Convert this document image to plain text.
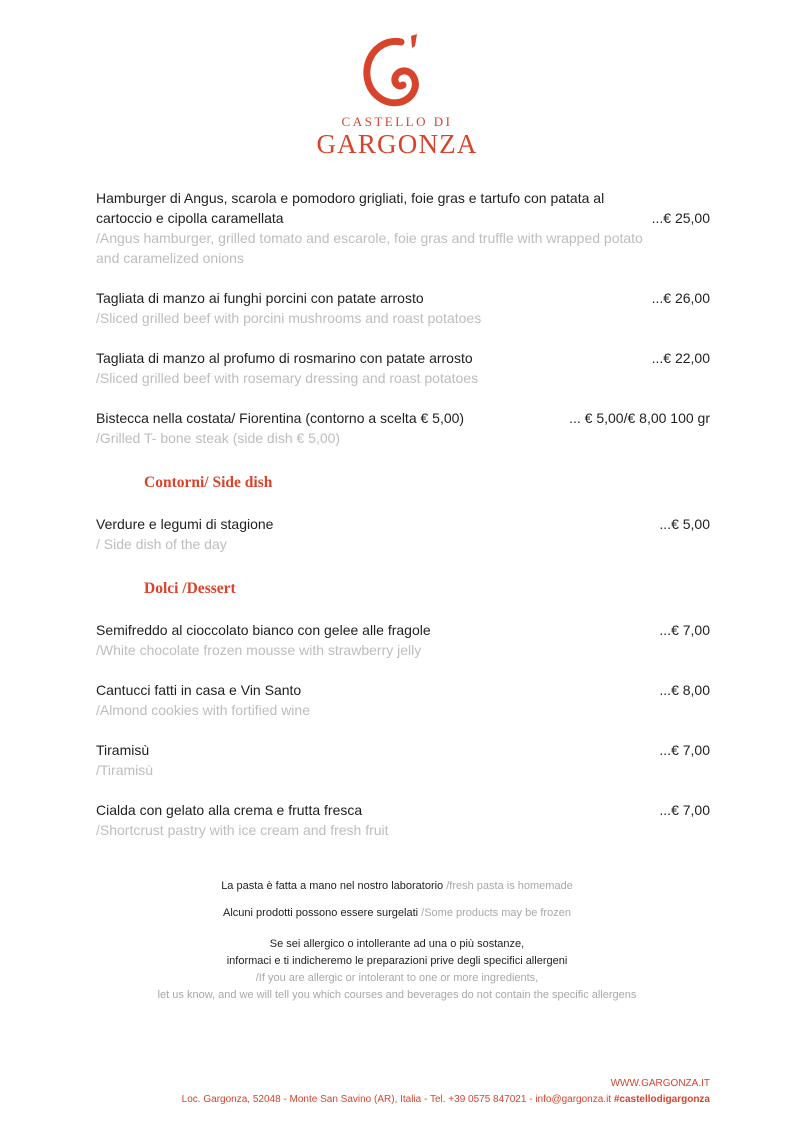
CASTELLO DI
GARGONZA
Hamburger di Angus, scarola e pomodoro grigliati, foie gras e tartufo con patata al
cartoccio e cipolla caramellata	...€ 25,00
/Angus hamburger, grilled tomato and escarole, foie gras and truffle with wrapped potato
and caramelized onions
Tagliata di manzo ai funghi porcini con patate arrosto	...€ 26,00
/Sliced grilled beef with porcini mushrooms and roast potatoes
Tagliata di manzo al profumo di rosmarino con patate arrosto	...€ 22,00
/Sliced grilled beef with rosemary dressing and roast potatoes
Bistecca nella costata/ Fiorentina (contorno a scelta € 5,00)	... € 5,00/€ 8,00 100 gr
/Grilled T- bone steak (side dish € 5,00)
Contorni/ Side dish
Verdure e legumi di stagione	...€ 5,00
/ Side dish of the day
Dolci /Dessert
Semifreddo al cioccolato bianco con gelee alle fragole	...€ 7,00
/White chocolate frozen mousse with strawberry jelly
Cantucci fatti in casa e Vin Santo	...€ 8,00
/Almond cookies with fortified wine
Tiramisù	...€ 7,00
/Tiramisù
Cialda con gelato alla crema e frutta fresca	...€ 7,00
/Shortcrust pastry with ice cream and fresh fruit

La pasta è fatta a mano nel nostro laboratorio /fresh pasta is homemade

Alcuni prodotti possono essere surgelati /Some products may be frozen

Se sei allergico o intollerante ad una o più sostanze,
informaci e ti indicheremo le preparazioni prive degli specifici allergeni
/If you are allergic or intolerant to one or more ingredients,
let us know, and we will tell you which courses and beverages do not contain the specific allergens
WWW.GARGONZA.IT
Loc. Gargonza, 52048 - Monte San Savino (AR), Italia - Tel. +39 0575 847021 - info@gargonza.it #castellodigargonza
